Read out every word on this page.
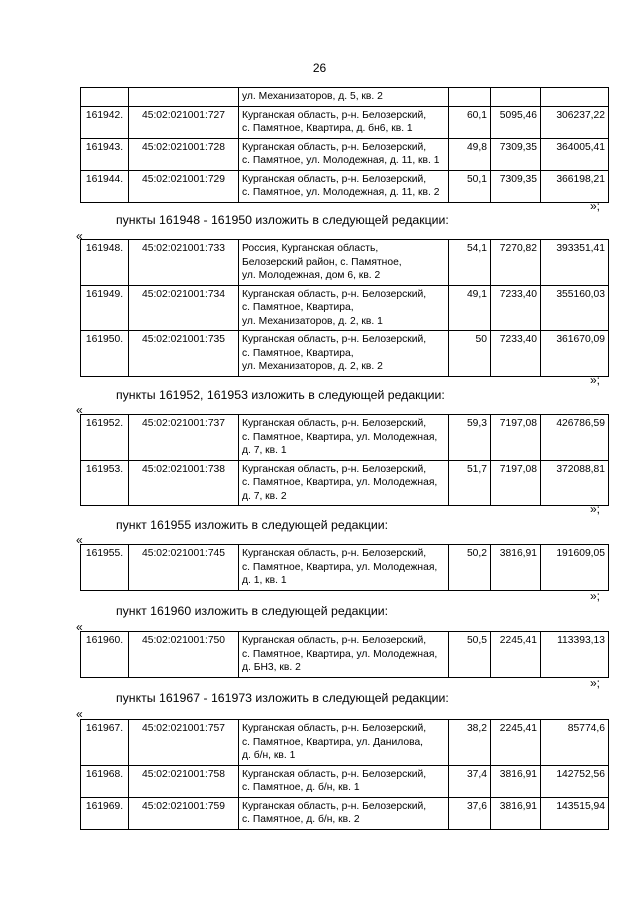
26

		ул. Механизаторов, д. 5, кв. 2			

161942.	45:02:021001:727	Курганская область, р-н. Белозерский,
с. Памятное, Квартира, д. бн6, кв. 1	60,1	5095,46	306237,22
161943.	45:02:021001:728	Курганская область, р-н. Белозерский,
с. Памятное, ул. Молодежная, д. 11, кв. 1	49,8	7309,35	364005,41
161944.	45:02:021001:729	Курганская область, р-н. Белозерский,
с. Памятное, ул. Молодежная, д. 11, кв. 2	50,1	7309,35	366198,21
»;
пункты 161948 - 161950 изложить в следующей редакции:
«
161948.	45:02:021001:733	Россия, Курганская область,
Белозерский район, с. Памятное,
ул. Молодежная, дом 6, кв. 2	54,1	7270,82	393351,41
161949.	45:02:021001:734	Курганская область, р-н. Белозерский,
с. Памятное, Квартира,
ул. Механизаторов, д. 2, кв. 1	49,1	7233,40	355160,03
161950.	45:02:021001:735	Курганская область, р-н. Белозерский,
с. Памятное, Квартира,
ул. Механизаторов, д. 2, кв. 2	50	7233,40	361670,09
»;
пункты 161952, 161953 изложить в следующей редакции:
«
161952.	45:02:021001:737	Курганская область, р-н. Белозерский,
с. Памятное, Квартира, ул. Молодежная,
д. 7, кв. 1	59,3	7197,08	426786,59
161953.	45:02:021001:738	Курганская область, р-н. Белозерский,
с. Памятное, Квартира, ул. Молодежная,
д. 7, кв. 2	51,7	7197,08	372088,81
»;
пункт 161955 изложить в следующей редакции:
«
161955.	45:02:021001:745	Курганская область, р-н. Белозерский,
с. Памятное, Квартира, ул. Молодежная,
д. 1, кв. 1
	50,2	3816,91	191609,05
»;
пункт 161960 изложить в следующей редакции:
«
161960.	45:02:021001:750	Курганская область, р-н. Белозерский,
с. Памятное, Квартира, ул. Молодежная,
д. БН3, кв. 2
	50,5	2245,41	113393,13
»;
пункты 161967 - 161973 изложить в следующей редакции:
«
161967.	45:02:021001:757	Курганская область, р-н. Белозерский,
с. Памятное, Квартира, ул. Данилова,
д. б/н, кв. 1	38,2	2245,41	85774,6
161968.	45:02:021001:758	Курганская область, р-н. Белозерский,
с. Памятное, д. б/н, кв. 1	37,4	3816,91	142752,56
161969.	45:02:021001:759	Курганская область, р-н. Белозерский,
с. Памятное, д. б/н, кв. 2	37,6	3816,91	143515,94
